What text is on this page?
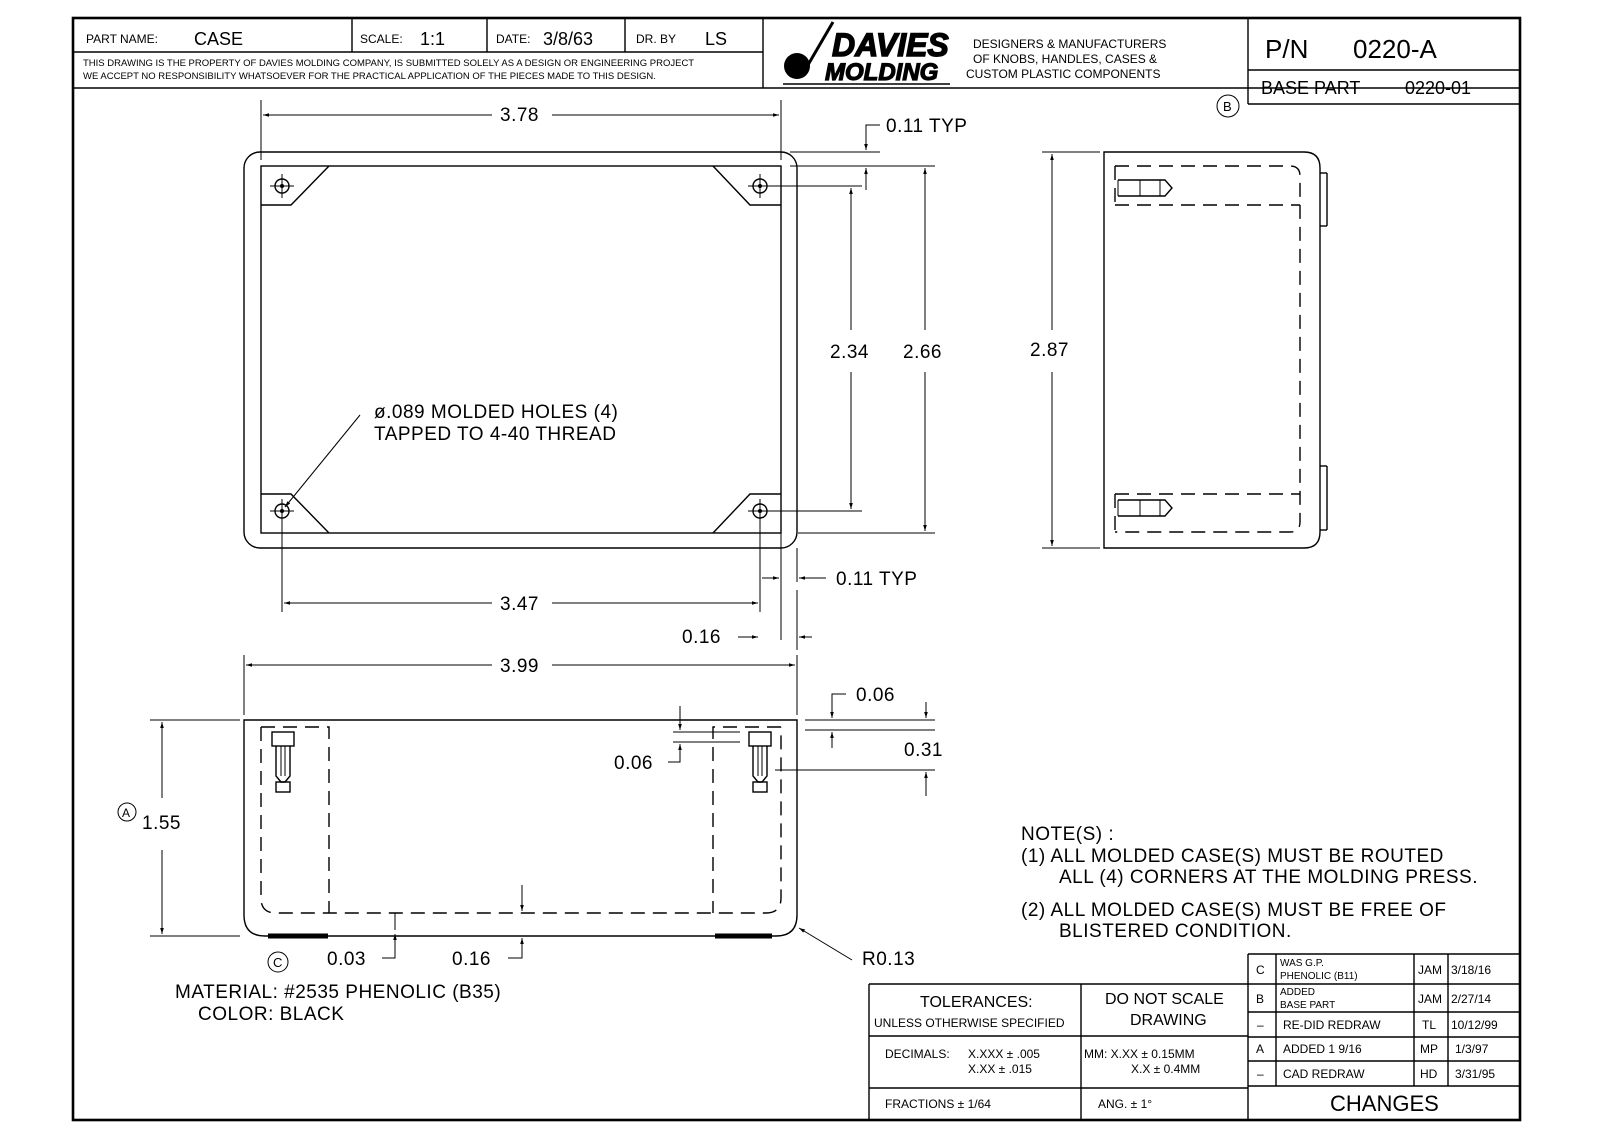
PART NAME: CASE	SCALE: 1:1	DATE: 3/8/63	DR. BY LS
THIS DRAWING IS THE PROPERTY OF DAVIES MOLDING COMPANY, IS SUBMITTED SOLELY AS A DESIGN OR ENGINEERING PROJECT
WE ACCEPT NO RESPONSIBILITY WHATSOEVER FOR THE PRACTICAL APPLICATION OF THE PIECES MADE TO THIS DESIGN.
DAVIES
MOLDING
DESIGNERS & MANUFACTURERS
OF KNOBS, HANDLES, CASES &
CUSTOM PLASTIC COMPONENTS
P/N 0220-A
BASE PART 0220-01
B
3.78
0.11 TYP
2.34 2.66
ø.089 MOLDED HOLES (4)
TAPPED TO 4-40 THREAD
3.47
0.11 TYP
0.16
2.87
3.99
0.06
0.31
0.06
1.55
A
0.03
C	0.16	R0.13
MATERIAL: #2535 PHENOLIC (B35)
COLOR: BLACK
NOTE(S) :
(1) ALL MOLDED CASE(S) MUST BE ROUTED
ALL (4) CORNERS AT THE MOLDING PRESS.
(2) ALL MOLDED CASE(S) MUST BE FREE OF
BLISTERED CONDITION.
TOLERANCES:
UNLESS OTHERWISE SPECIFIED
DO NOT SCALE
DRAWING
DECIMALS: X.XXX ± .005
X.XX ± .015
MM: X.XX ± 0.15MM
X.X ± 0.4MM
FRACTIONS ± 1/64	ANG. ± 1°
C WAS G.P.
PHENOLIC (B11)	JAM 3/18/16
B ADDED
BASE PART	JAM 2/27/14
– RE-DID REDRAW	TL 10/12/99
A ADDED 1 9/16	MP 1/3/97
– CAD REDRAW	HD 3/31/95
CHANGES
